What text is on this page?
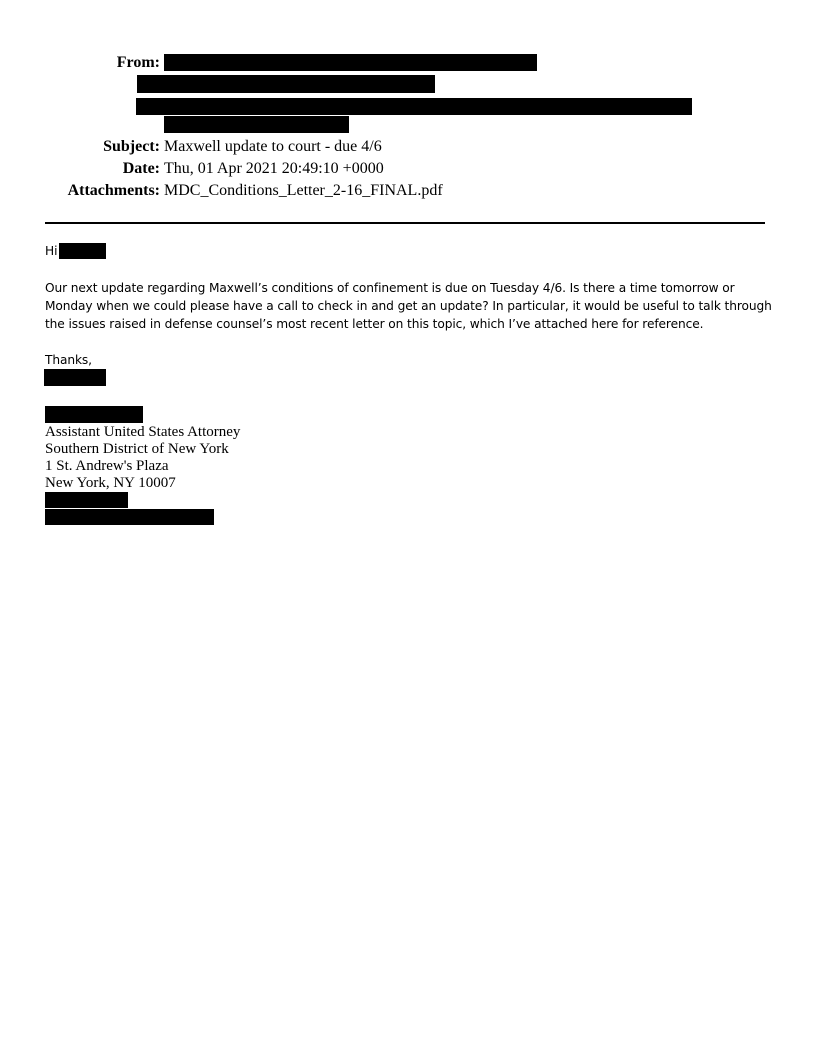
From:
Subject: Maxwell update to court - due 4/6
Date: Thu, 01 Apr 2021 20:49:10 +0000
Attachments: MDC_Conditions_Letter_2-16_FINAL.pdf
Hi
Our next update regarding Maxwell’s conditions of confinement is due on Tuesday 4/6. Is there a time tomorrow or
Monday when we could please have a call to check in and get an update? In particular, it would be useful to talk through
the issues raised in defense counsel’s most recent letter on this topic, which I’ve attached here for reference.
Thanks,
Assistant United States Attorney
Southern District of New York
1 St. Andrew's Plaza
New York, NY 10007
